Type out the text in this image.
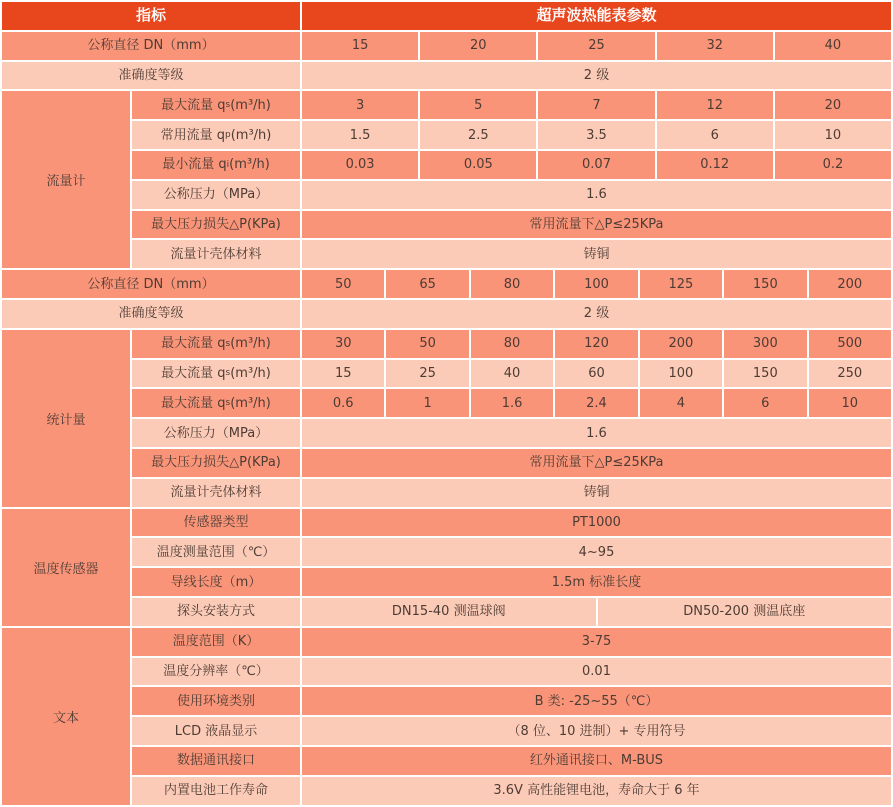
指标	超声波热能表参数
公称直径 DN（mm）	15	20	25	32	40
准确度等级	2 级
流量计
最大流量 q s (m³/h)	3	5	7	12	20
常用流量 q p (m³/h)	1.5	2.5	3.5	6	10
最小流量 q i (m³/h)	0.03	0.05	0.07	0.12	0.2
公称压力（MPa）	1.6
最大压力损失△P(KPa)	常用流量下△P≤25KPa
流量计壳体材料	铸铜
公称直径 DN（mm）	50	65	80	100	125	150	200
准确度等级	2 级
统计量
最大流量 q s (m³/h)	30	50	80	120	200	300	500
最大流量 q s (m³/h)	15	25	40	60	100	150	250
最大流量 q s (m³/h)	0.6	1	1.6	2.4	4	6	10
公称压力（MPa）	1.6
最大压力损失△P(KPa)	常用流量下△P≤25KPa
流量计壳体材料	铸铜
温度传感器
传感器类型	PT1000
温度测量范围（℃）	4~95
导线长度（m）	1.5m 标准长度
探头安装方式	DN15-40 测温球阀	DN50-200 测温底座
文本
温度范围（K）	3-75
温度分辨率（℃）	0.01
使用环境类别	B 类: -25~55（℃）
LCD 液晶显示	（8 位、10 进制）+ 专用符号
数据通讯接口	红外通讯接口、M-BUS
内置电池工作寿命	3.6V 高性能锂电池，寿命大于 6 年
